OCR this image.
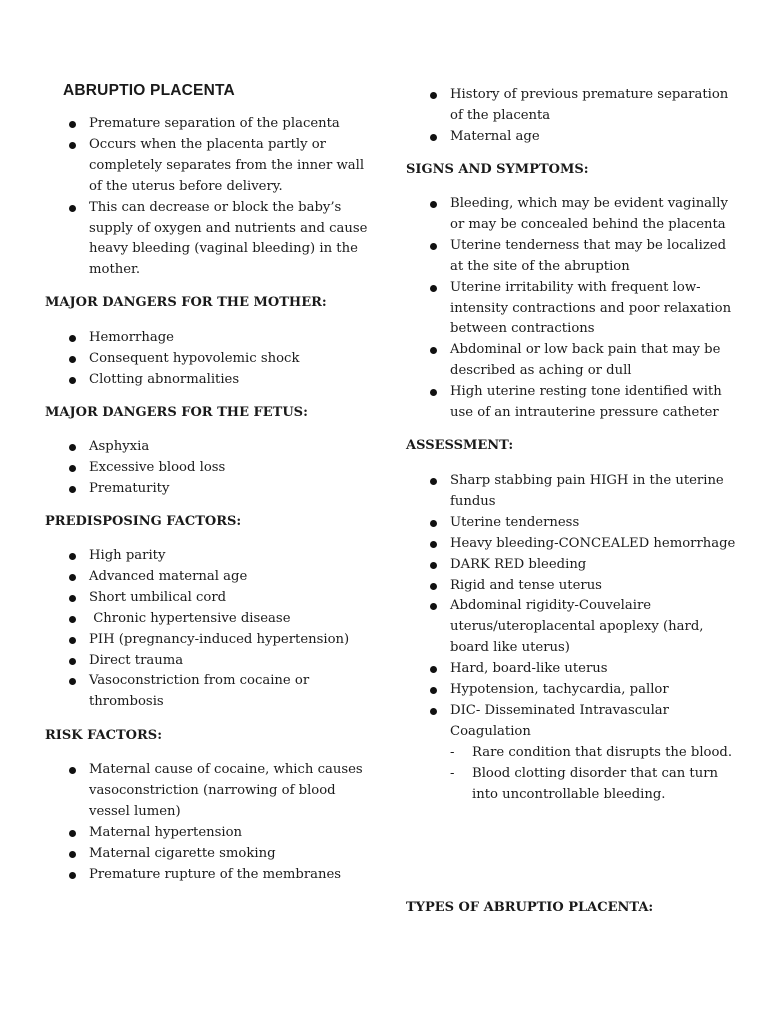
ABRUPTIO PLACENTA
Premature separation of the placenta
Occurs when the placenta partly or completely separates from the inner wall of the uterus before delivery.
This can decrease or block the baby’s supply of oxygen and nutrients and cause heavy bleeding (vaginal bleeding) in the mother.
MAJOR DANGERS FOR THE MOTHER:
Hemorrhage
Consequent hypovolemic shock
Clotting abnormalities
MAJOR DANGERS FOR THE FETUS:
Asphyxia
Excessive blood loss
Prematurity
PREDISPOSING FACTORS:
High parity
Advanced maternal age
Short umbilical cord
Chronic hypertensive disease
PIH (pregnancy-induced hypertension)
Direct trauma
Vasoconstriction from cocaine or thrombosis
RISK FACTORS:
Maternal cause of cocaine, which causes vasoconstriction (narrowing of blood vessel lumen)
Maternal hypertension
Maternal cigarette smoking
Premature rupture of the membranes
History of previous premature separation of the placenta
Maternal age
SIGNS AND SYMPTOMS:
Bleeding, which may be evident vaginally or may be concealed behind the placenta
Uterine tenderness that may be localized at the site of the abruption
Uterine irritability with frequent low-intensity contractions and poor relaxation between contractions
Abdominal or low back pain that may be described as aching or dull
High uterine resting tone identified with use of an intrauterine pressure catheter
ASSESSMENT:
Sharp stabbing pain HIGH in the uterine fundus
Uterine tenderness
Heavy bleeding-CONCEALED hemorrhage
DARK RED bleeding
Rigid and tense uterus
Abdominal rigidity-Couvelaire uterus/uteroplacental apoplexy (hard, board like uterus)
Hard, board-like uterus
Hypotension, tachycardia, pallor
DIC- Disseminated Intravascular Coagulation
- Rare condition that disrupts the blood.
- Blood clotting disorder that can turn into uncontrollable bleeding.
TYPES OF ABRUPTIO PLACENTA:
